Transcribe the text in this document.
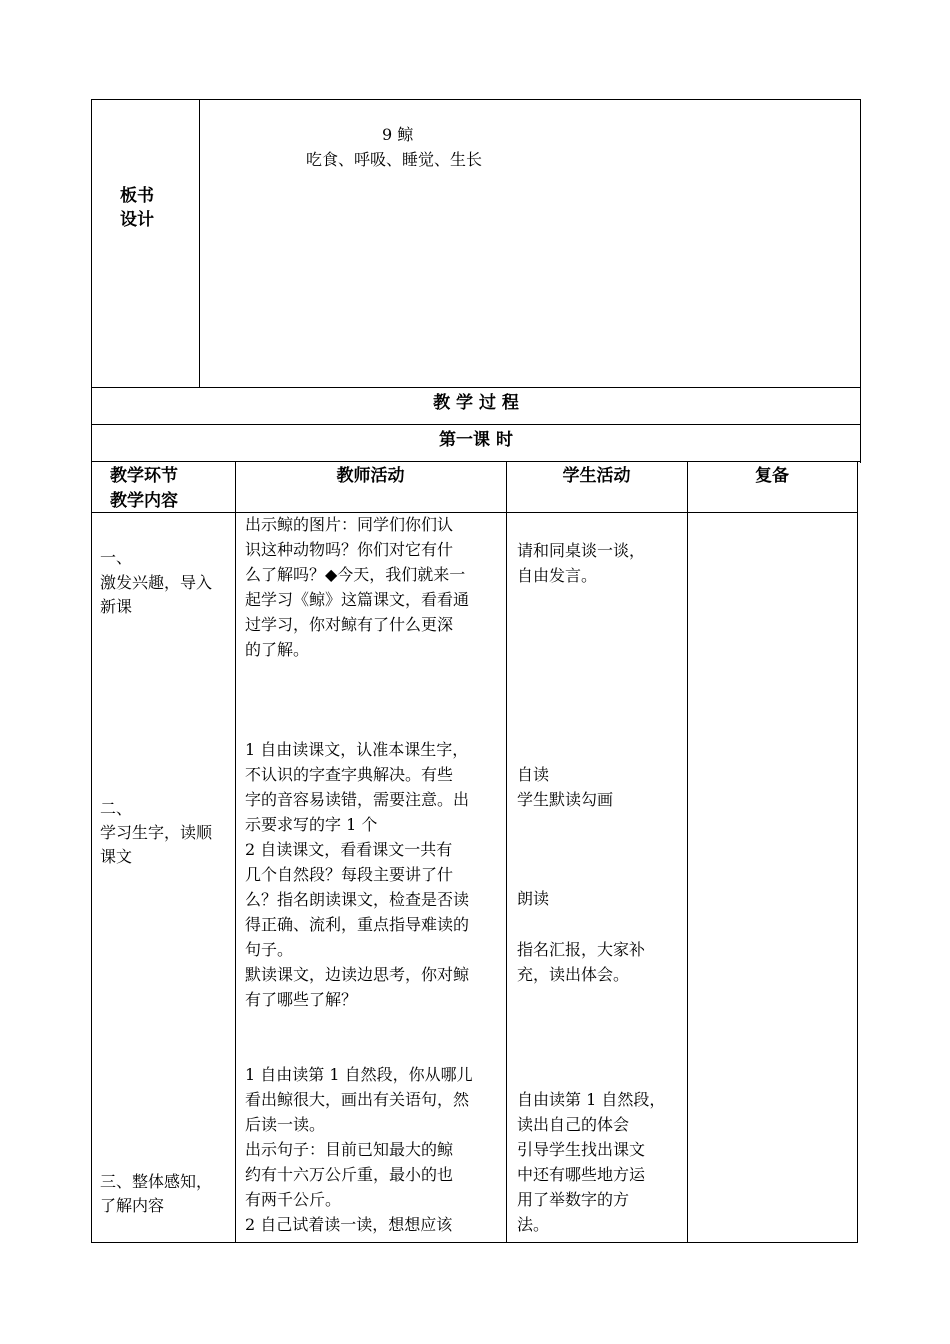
板书
设计
9 鲸
吃食、呼吸、睡觉、生长
教 学 过 程
第一课 时
教学环节
教学内容
教师活动	学生活动	复备
一、
激发兴趣，导入
新课
出示鲸的图片：同学们你们认
识这种动物吗？你们对它有什
么了解吗？◆今天，我们就来一
起学习《鲸》这篇课文，看看通
过学习，你对鲸有了什么更深
的了解。
请和同桌谈一谈，
自由发言。
二、
学习生字，读顺
课文
1 自由读课文，认准本课生字，
不认识的字查字典解决。有些
字的音容易读错，需要注意。出
示要求写的字 1 个
2 自读课文，看看课文一共有
几个自然段？每段主要讲了什
么？指名朗读课文，检查是否读
得正确、流利，重点指导难读的
句子。
默读课文，边读边思考，你对鲸
有了哪些了解？
自读
学生默读勾画
朗读
指名汇报，大家补
充，读出体会。
三、整体感知，
了解内容
1 自由读第 1 自然段，你从哪儿
看出鲸很大，画出有关语句，然
后读一读。
出示句子：目前已知最大的鲸
约有十六万公斤重，最小的也
有两千公斤。
2 自己试着读一读，想想应该
自由读第 1 自然段，
读出自己的体会
引导学生找出课文
中还有哪些地方运
用了举数字的方
法。
